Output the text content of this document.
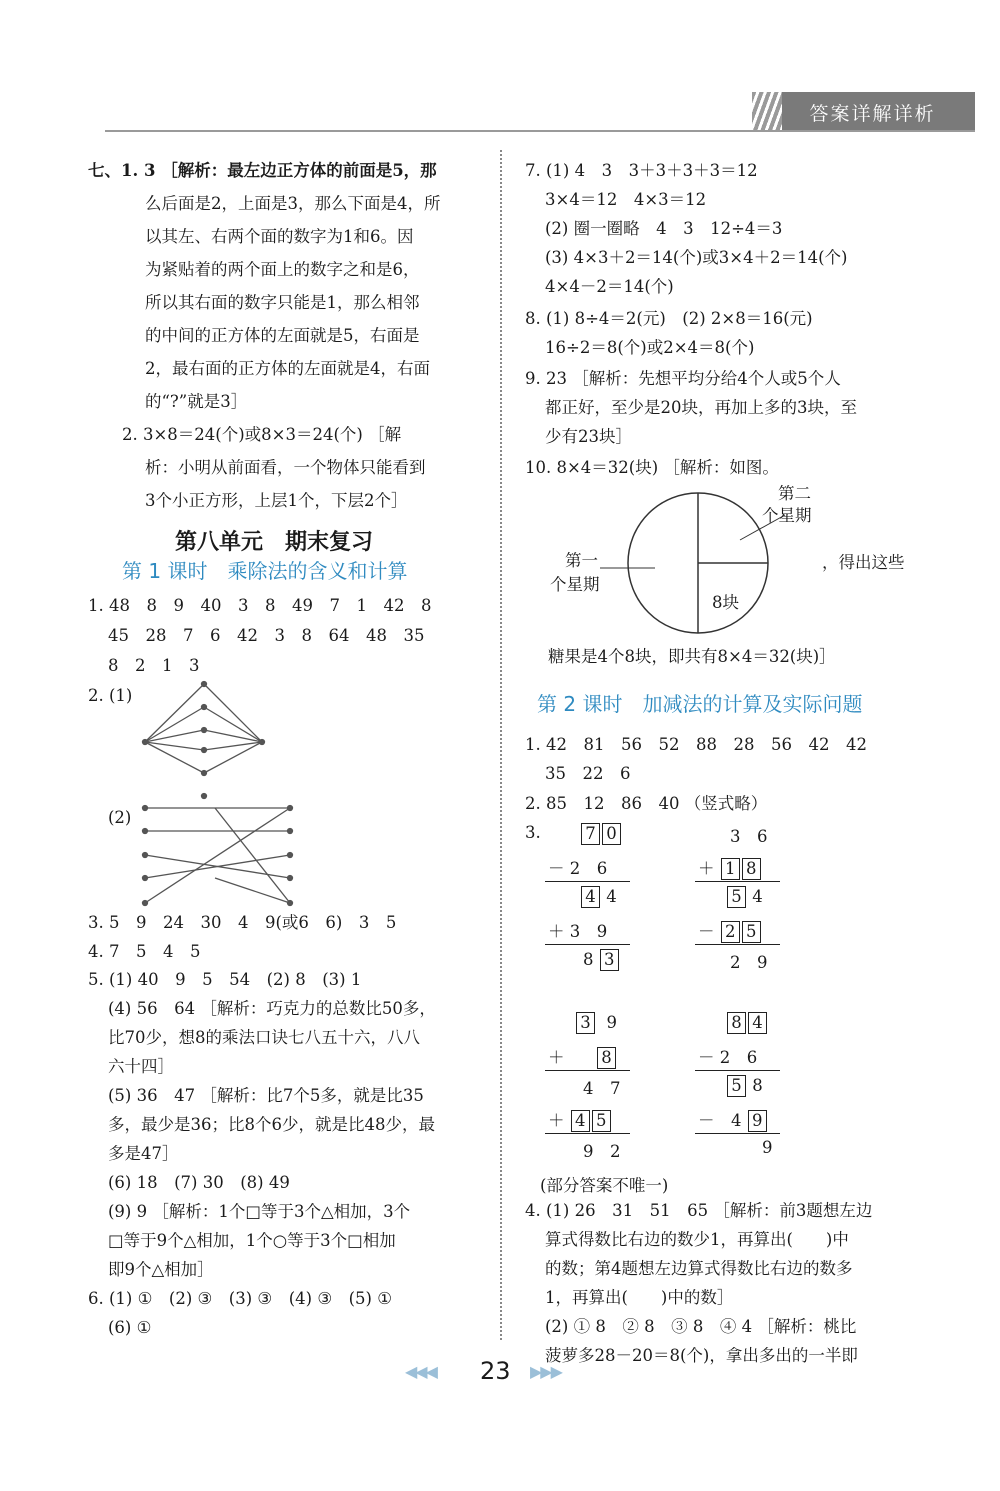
答案详解详析
七、1. 3 ［解析：最左边正方体的前面是5，那
么后面是2，上面是3，那么下面是4，所
以其左、右两个面的数字为1和6。因
为紧贴着的两个面上的数字之和是6，
所以其右面的数字只能是1，那么相邻
的中间的正方体的左面就是5，右面是
2，最右面的正方体的左面就是4，右面
的“?”就是3］
2. 3×8＝24(个)或8×3＝24(个) ［解
析：小明从前面看，一个物体只能看到
3个小正方形，上层1个，下层2个］
第八单元　期末复习
第 1 课时　乘除法的含义和计算
1. 48　8　9　40　3　8　49　7　1　42　8
45　28　7　6　42　3　8　64　48　35
8　2　1　3
2. (1)
(2)
3. 5　9　24　30　4　9(或6　6)　3　5
4. 7　5　4　5
5. (1) 40　9　5　54　(2) 8　(3) 1
(4) 56　64 ［解析：巧克力的总数比50多，
比70少，想8的乘法口诀七八五十六，八八
六十四］
(5) 36　47 ［解析：比7个5多，就是比35
多，最少是36；比8个6少，就是比48少，最
多是47］
(6) 18　(7) 30　(8) 49
(9) 9 ［解析：1个□等于3个△相加，3个
□等于9个△相加，1个○等于3个□相加
即9个△相加］
6. (1) ①　(2) ③　(3) ③　(4) ③　(5) ①
(6) ①
7. (1) 4　3　3＋3＋3＋3＝12
3×4＝12　4×3＝12
(2) 圈一圈略　4　3　12÷4＝3
(3) 4×3＋2＝14(个)或3×4＋2＝14(个)
4×4－2＝14(个)
8. (1) 8÷4＝2(元)　(2) 2×8＝16(元)
16÷2＝8(个)或2×4＝8(个)
9. 23 ［解析：先想平均分给4个人或5个人
都正好，至少是20块，再加上多的3块，至
少有23块］
10. 8×4＝32(块) ［解析：如图。
第二
个星期
第一
个星期
8块
，得出这些
糖果是4个8块，即共有8×4＝32(块)］
第 2 课时　加减法的计算及实际问题
1. 42　81　56　52　88　28　56　42　42
35　22　6
2. 85　12　86　40 （竖式略）
3.	7 0
－ 2　6
4 4
＋ 3　9
8 3
3 9
＋ 8
4　7
＋ 4 5
9　2
3　6
＋ 1 8
5 4
－ 2 5
2　9
8 4
－ 2　6
5 8
－　4 9
9
(部分答案不唯一)
4. (1) 26　31　51　65 ［解析：前3题想左边
算式得数比右边的数少1，再算出(　　)中
的数；第4题想左边算式得数比右边的数多
1，再算出(　　)中的数］
(2) ① 8　② 8　③ 8　④ 4 ［解析：桃比
菠萝多28－20＝8(个)，拿出多出的一半即
◀◀◀ 23 ▶▶▶
